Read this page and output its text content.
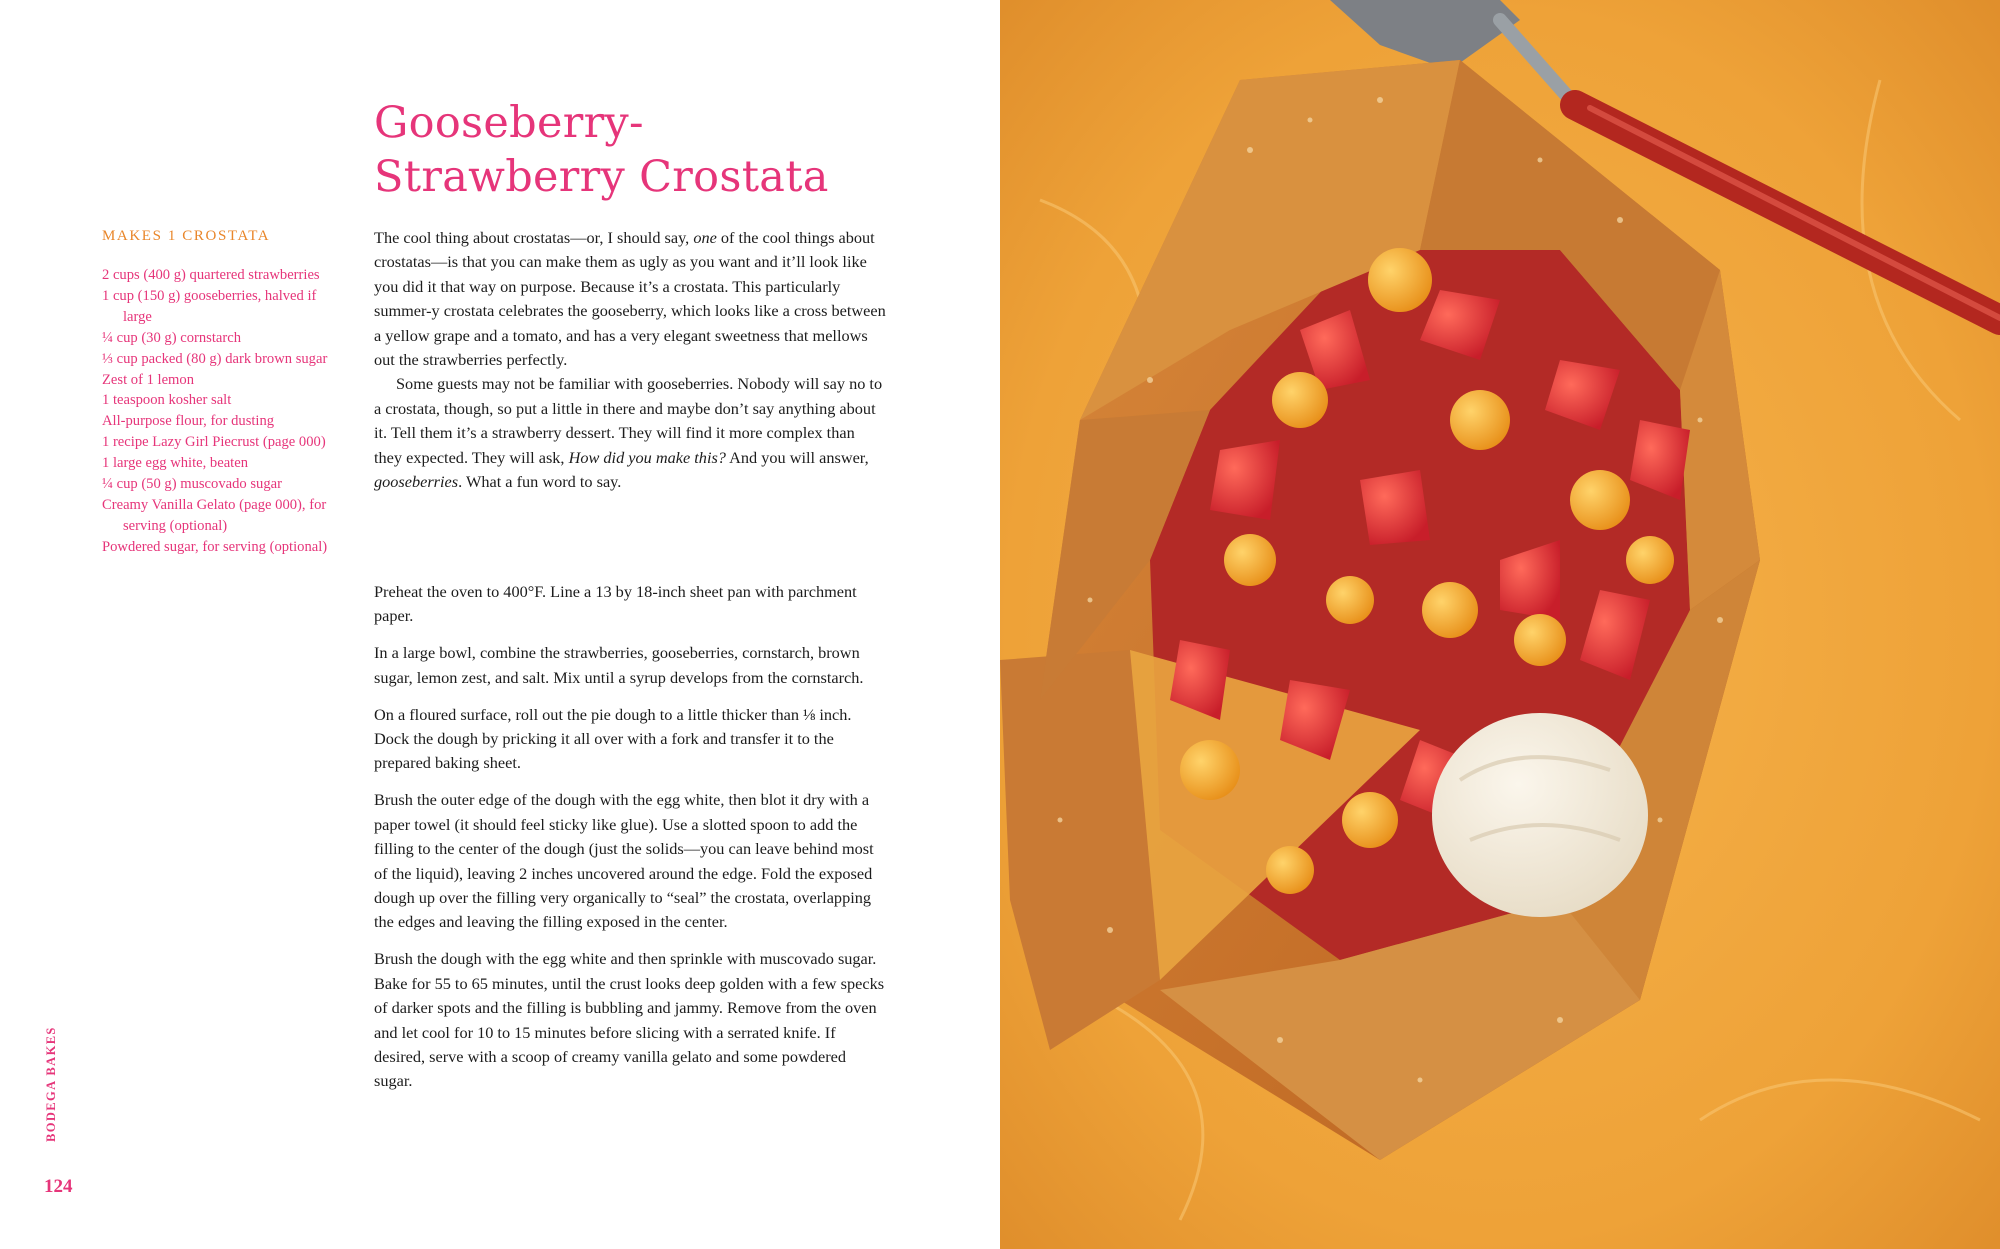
Gooseberry-
Strawberry Crostata
MAKES 1 CROSTATA
2 cups (400 g) quartered strawberries
1 cup (150 g) gooseberries, halved if large
¼ cup (30 g) cornstarch
⅓ cup packed (80 g) dark brown sugar
Zest of 1 lemon
1 teaspoon kosher salt
All-purpose flour, for dusting
1 recipe Lazy Girl Piecrust (page 000)
1 large egg white, beaten
¼ cup (50 g) muscovado sugar
Creamy Vanilla Gelato (page 000), for serving (optional)
Powdered sugar, for serving (optional)

The cool thing about crostatas—or, I should say, one of the cool things about crostatas—is that you can make them as ugly as you want and it’ll look like you did it that way on purpose. Because it’s a crostata. This particularly summer-y crostata celebrates the gooseberry, which looks like a cross between a yellow grape and a tomato, and has a very elegant sweetness that mellows out the strawberries perfectly.

Some guests may not be familiar with gooseberries. Nobody will say no to a crostata, though, so put a little in there and maybe don’t say anything about it. Tell them it’s a strawberry dessert. They will find it more complex than they expected. They will ask, How did you make this? And you will answer, gooseberries. What a fun word to say.

Preheat the oven to 400°F. Line a 13 by 18-inch sheet pan with parchment paper.

In a large bowl, combine the strawberries, gooseberries, cornstarch, brown sugar, lemon zest, and salt. Mix until a syrup develops from the cornstarch.

On a floured surface, roll out the pie dough to a little thicker than ⅛ inch. Dock the dough by pricking it all over with a fork and transfer it to the prepared baking sheet.

Brush the outer edge of the dough with the egg white, then blot it dry with a paper towel (it should feel sticky like glue). Use a slotted spoon to add the filling to the center of the dough (just the solids—you can leave behind most of the liquid), leaving 2 inches uncovered around the edge. Fold the exposed dough up over the filling very organically to “seal” the crostata, overlapping the edges and leaving the filling exposed in the center.

Brush the dough with the egg white and then sprinkle with muscovado sugar. Bake for 55 to 65 minutes, until the crust looks deep golden with a few specks of darker spots and the filling is bubbling and jammy. Remove from the oven and let cool for 10 to 15 minutes before slicing with a serrated knife. If desired, serve with a scoop of creamy vanilla gelato and some powdered sugar.

BODEGA BAKES
124
